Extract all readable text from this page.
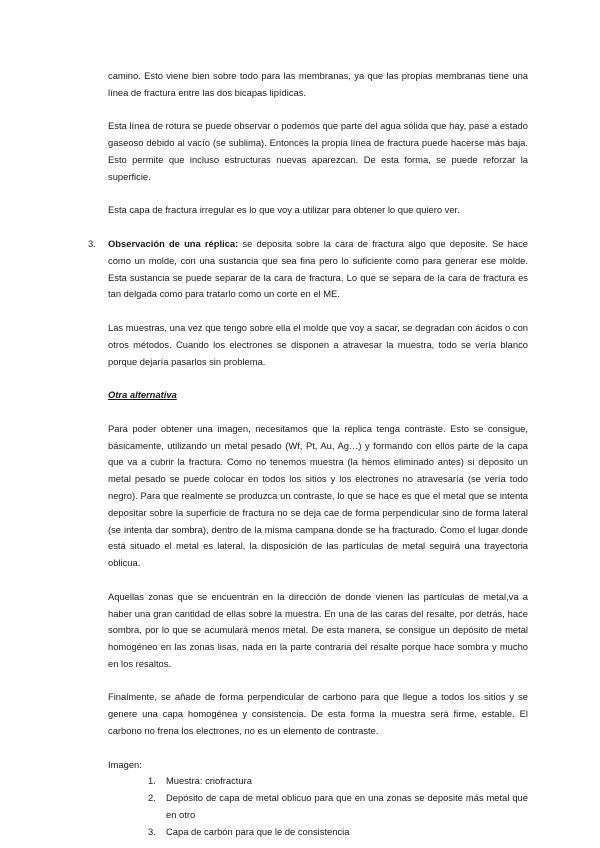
camino. Esto viene bien sobre todo para las membranas, ya que las propias membranas tiene una línea de fractura entre las dos bicapas lipídicas.

Esta línea de rotura se puede observar o podemos que parte del agua sólida que hay, pase a estado gaseoso debido al vacío (se sublima). Entonces la propia línea de fractura puede hacerse más baja. Esto permite que incluso estructuras nuevas aparezcan. De esta forma, se puede reforzar la superficie.

Esta capa de fractura irregular es lo que voy a utilizar para obtener lo que quiero ver.

3. Observación de una réplica: se deposita sobre la cara de fractura algo que deposite. Se hace como un molde, con una sustancia que sea fina pero lo suficiente como para generar ese molde. Esta sustancia se puede separar de la cara de fractura. Lo que se separa de la cara de fractura es tan delgada como para tratarlo como un corte en el ME.

Las muestras, una vez que tengo sobre ella el molde que voy a sacar, se degradan con ácidos o con otros métodos. Cuando los electrones se disponen a atravesar la muestra, todo se vería blanco porque dejaría pasarlos sin problema.

Otra alternativa

Para poder obtener una imagen, necesitamos que la réplica tenga contraste. Esto se consigue, básicamente, utilizando un metal pesado (Wf, Pt, Au, Ag…) y formando con ellos parte de la capa que va a cubrir la fractura. Como no tenemos muestra (la hemos eliminado antes) si deposito un metal pesado se puede colocar en todos los sitios y los electrones no atravesaría (se vería todo negro). Para que realmente se produzca un contraste, lo que se hace es que el metal que se intenta depositar sobre la superficie de fractura no se deja cae de forma perpendicular sino de forma lateral (se intenta dar sombra), dentro de la misma campana donde se ha fracturado. Como el lugar donde está situado el metal es lateral, la disposición de las partículas de metal seguirá una trayectoria oblicua.

Aquellas zonas que se encuentran en la dirección de donde vienen las partículas de metal,va a haber una gran cantidad de ellas sobre la muestra. En una de las caras del resalte, por detrás, hace sombra, por lo que se acumulará menos metal. De esta manera, se consigue un depósito de metal homogéneo en las zonas lisas, nada en la parte contraria del resalte porque hace sombra y mucho en los resaltos.

Finalmente, se añade de forma perpendicular de carbono para que llegue a todos los sitios y se genere una capa homogénea y consistencia. De esta forma la muestra será firme, estable. El carbono no frena los electrones, no es un elemento de contraste.

Imagen:
1. Muestra: criofractura
2. Depósito de capa de metal oblicuo para que en una zonas se deposite más metal que en otro
3. Capa de carbón para que le de consistencia
